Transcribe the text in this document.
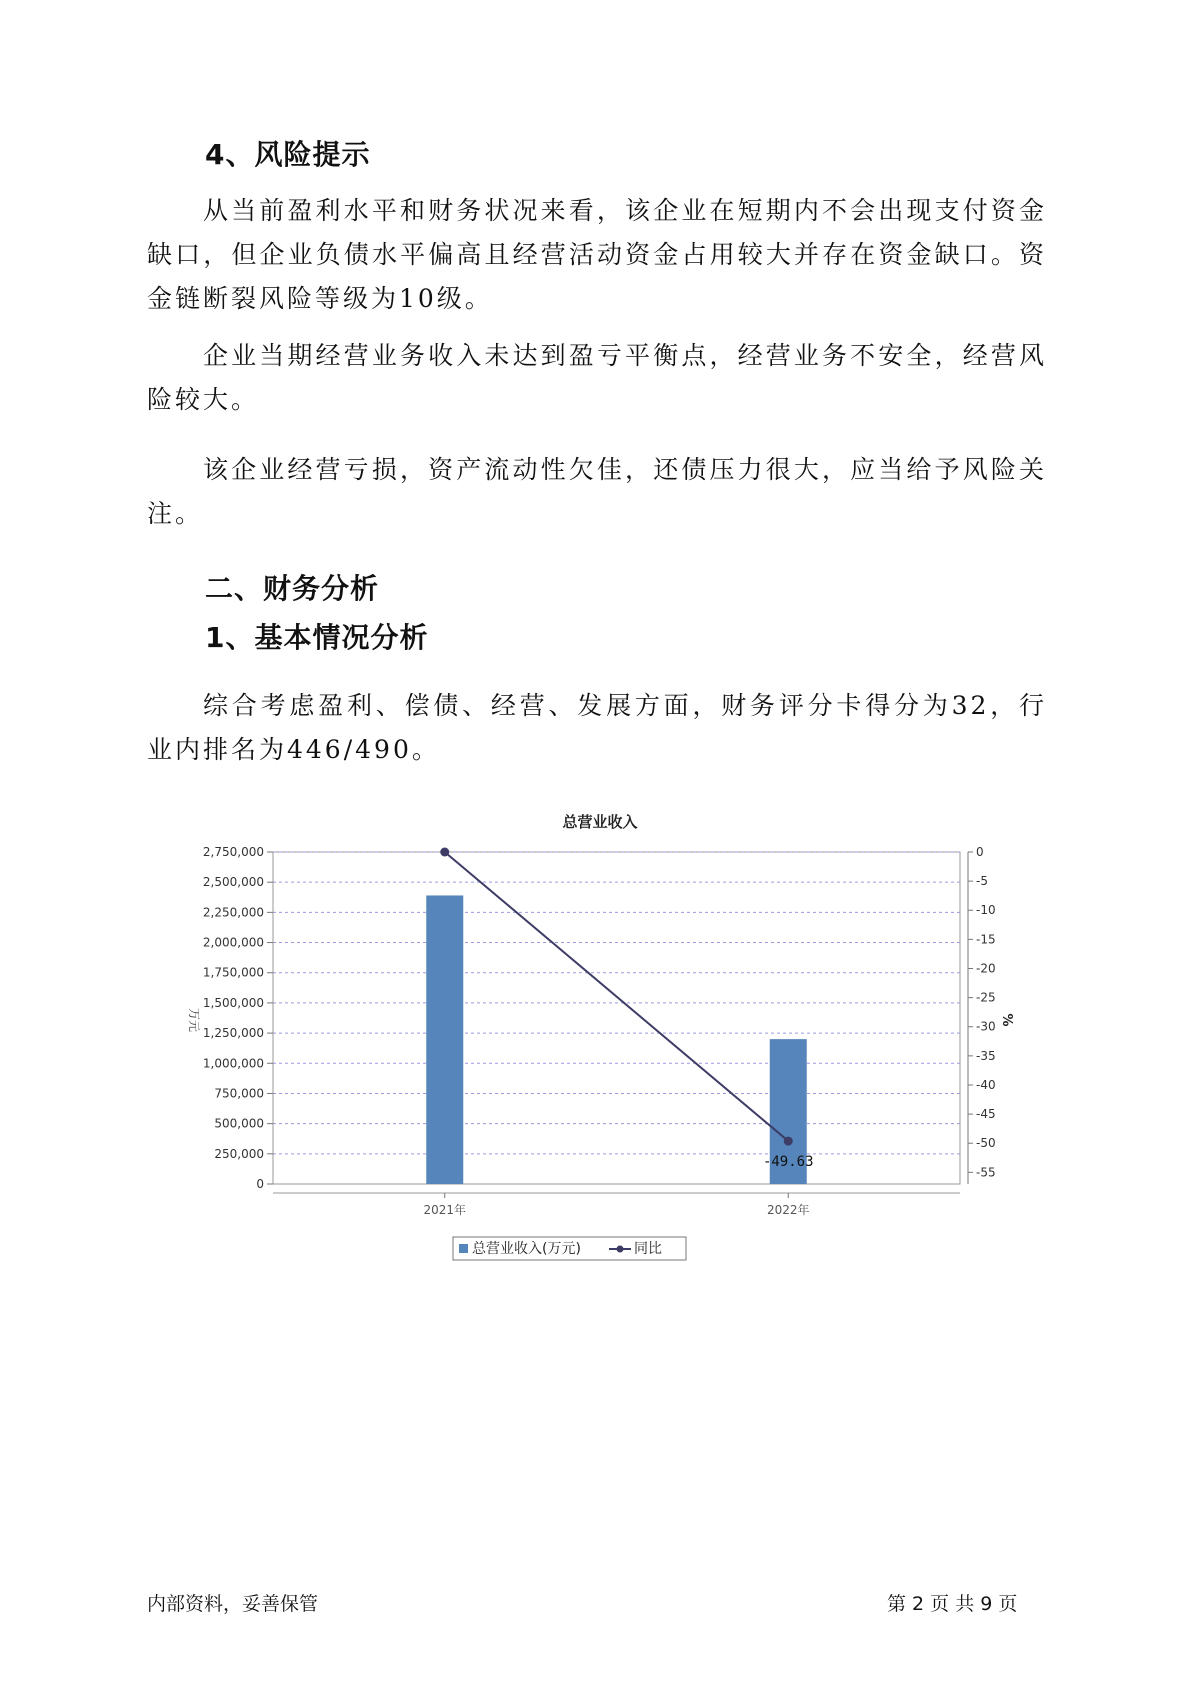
4、风险提示

从当前盈利水平和财务状况来看，该企业在短期内不会出现支付资金缺口，但企业负债水平偏高且经营活动资金占用较大并存在资金缺口。资金链断裂风险等级为10级。

企业当期经营业务收入未达到盈亏平衡点，经营业务不安全，经营风险较大。

该企业经营亏损，资产流动性欠佳，还债压力很大，应当给予风险关注。

二、财务分析
1、基本情况分析

综合考虑盈利、偿债、经营、发展方面，财务评分卡得分为32，行业内排名为446/490。

总营业收入
0
250,000
500,000
750,000
1,000,000
1,250,000
1,500,000
1,750,000
2,000,000
2,250,000
2,500,000
2,750,000	0
-5
-10
-15
-20
-25
-30
-35
-40
-45
-50
-55
万元	%
2021年	2022年
-49.63
总营业收入(万元)	同比
内部资料，妥善保管	第 2 页 共 9 页
